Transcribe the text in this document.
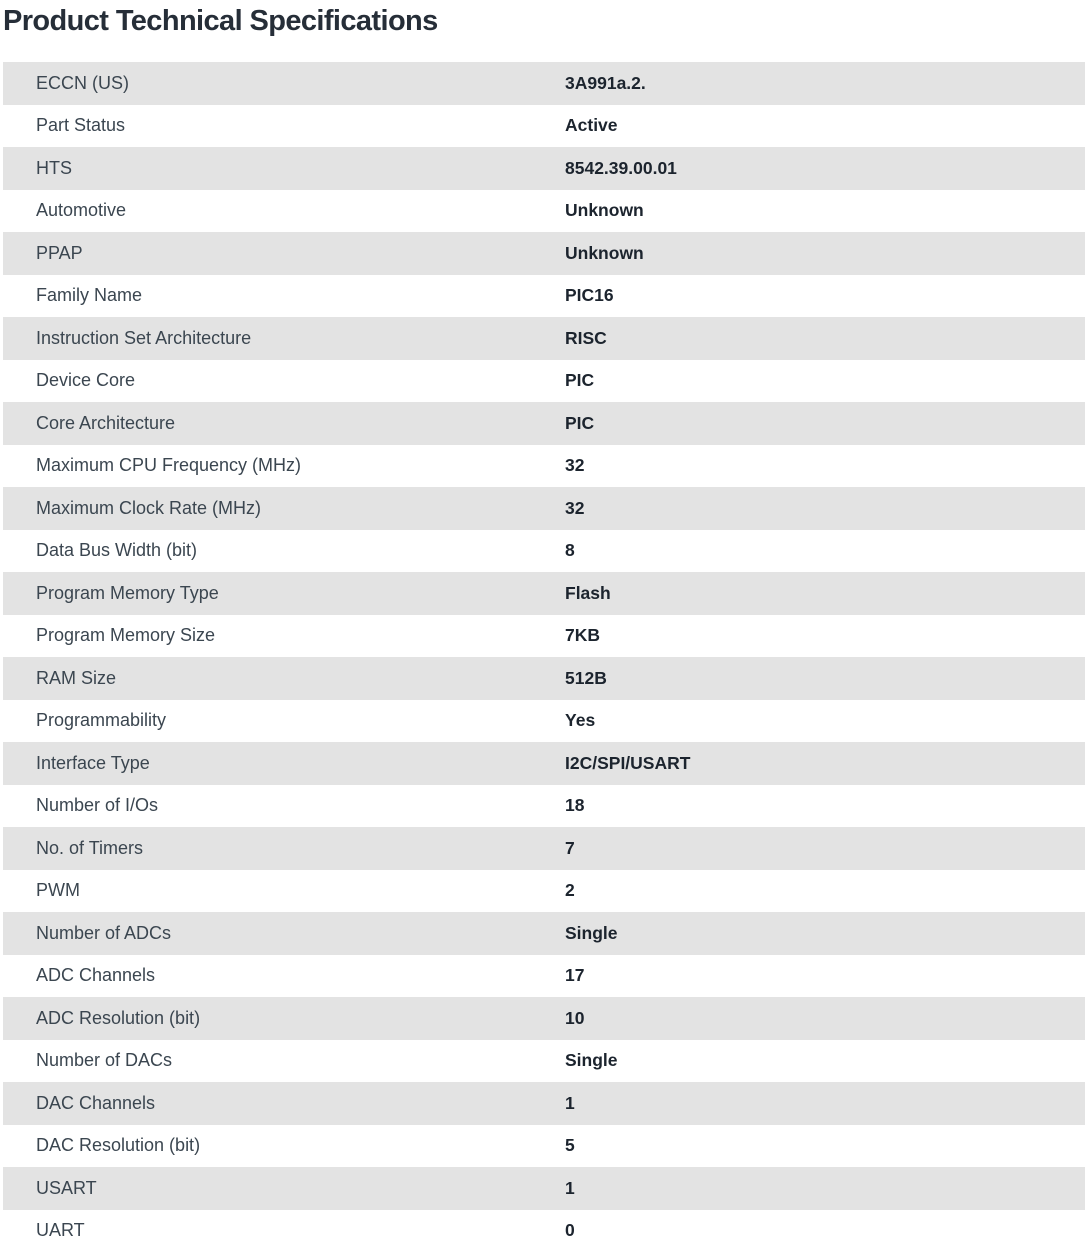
Product Technical Specifications
ECCN (US)	3A991a.2.
Part Status	Active
HTS	8542.39.00.01
Automotive	Unknown
PPAP	Unknown
Family Name	PIC16
Instruction Set Architecture	RISC
Device Core	PIC
Core Architecture	PIC
Maximum CPU Frequency (MHz)	32
Maximum Clock Rate (MHz)	32
Data Bus Width (bit)	8
Program Memory Type	Flash
Program Memory Size	7KB
RAM Size	512B
Programmability	Yes
Interface Type	I2C/SPI/USART
Number of I/Os	18
No. of Timers	7
PWM	2
Number of ADCs	Single
ADC Channels	17
ADC Resolution (bit)	10
Number of DACs	Single
DAC Channels	1
DAC Resolution (bit)	5
USART	1
UART	0
